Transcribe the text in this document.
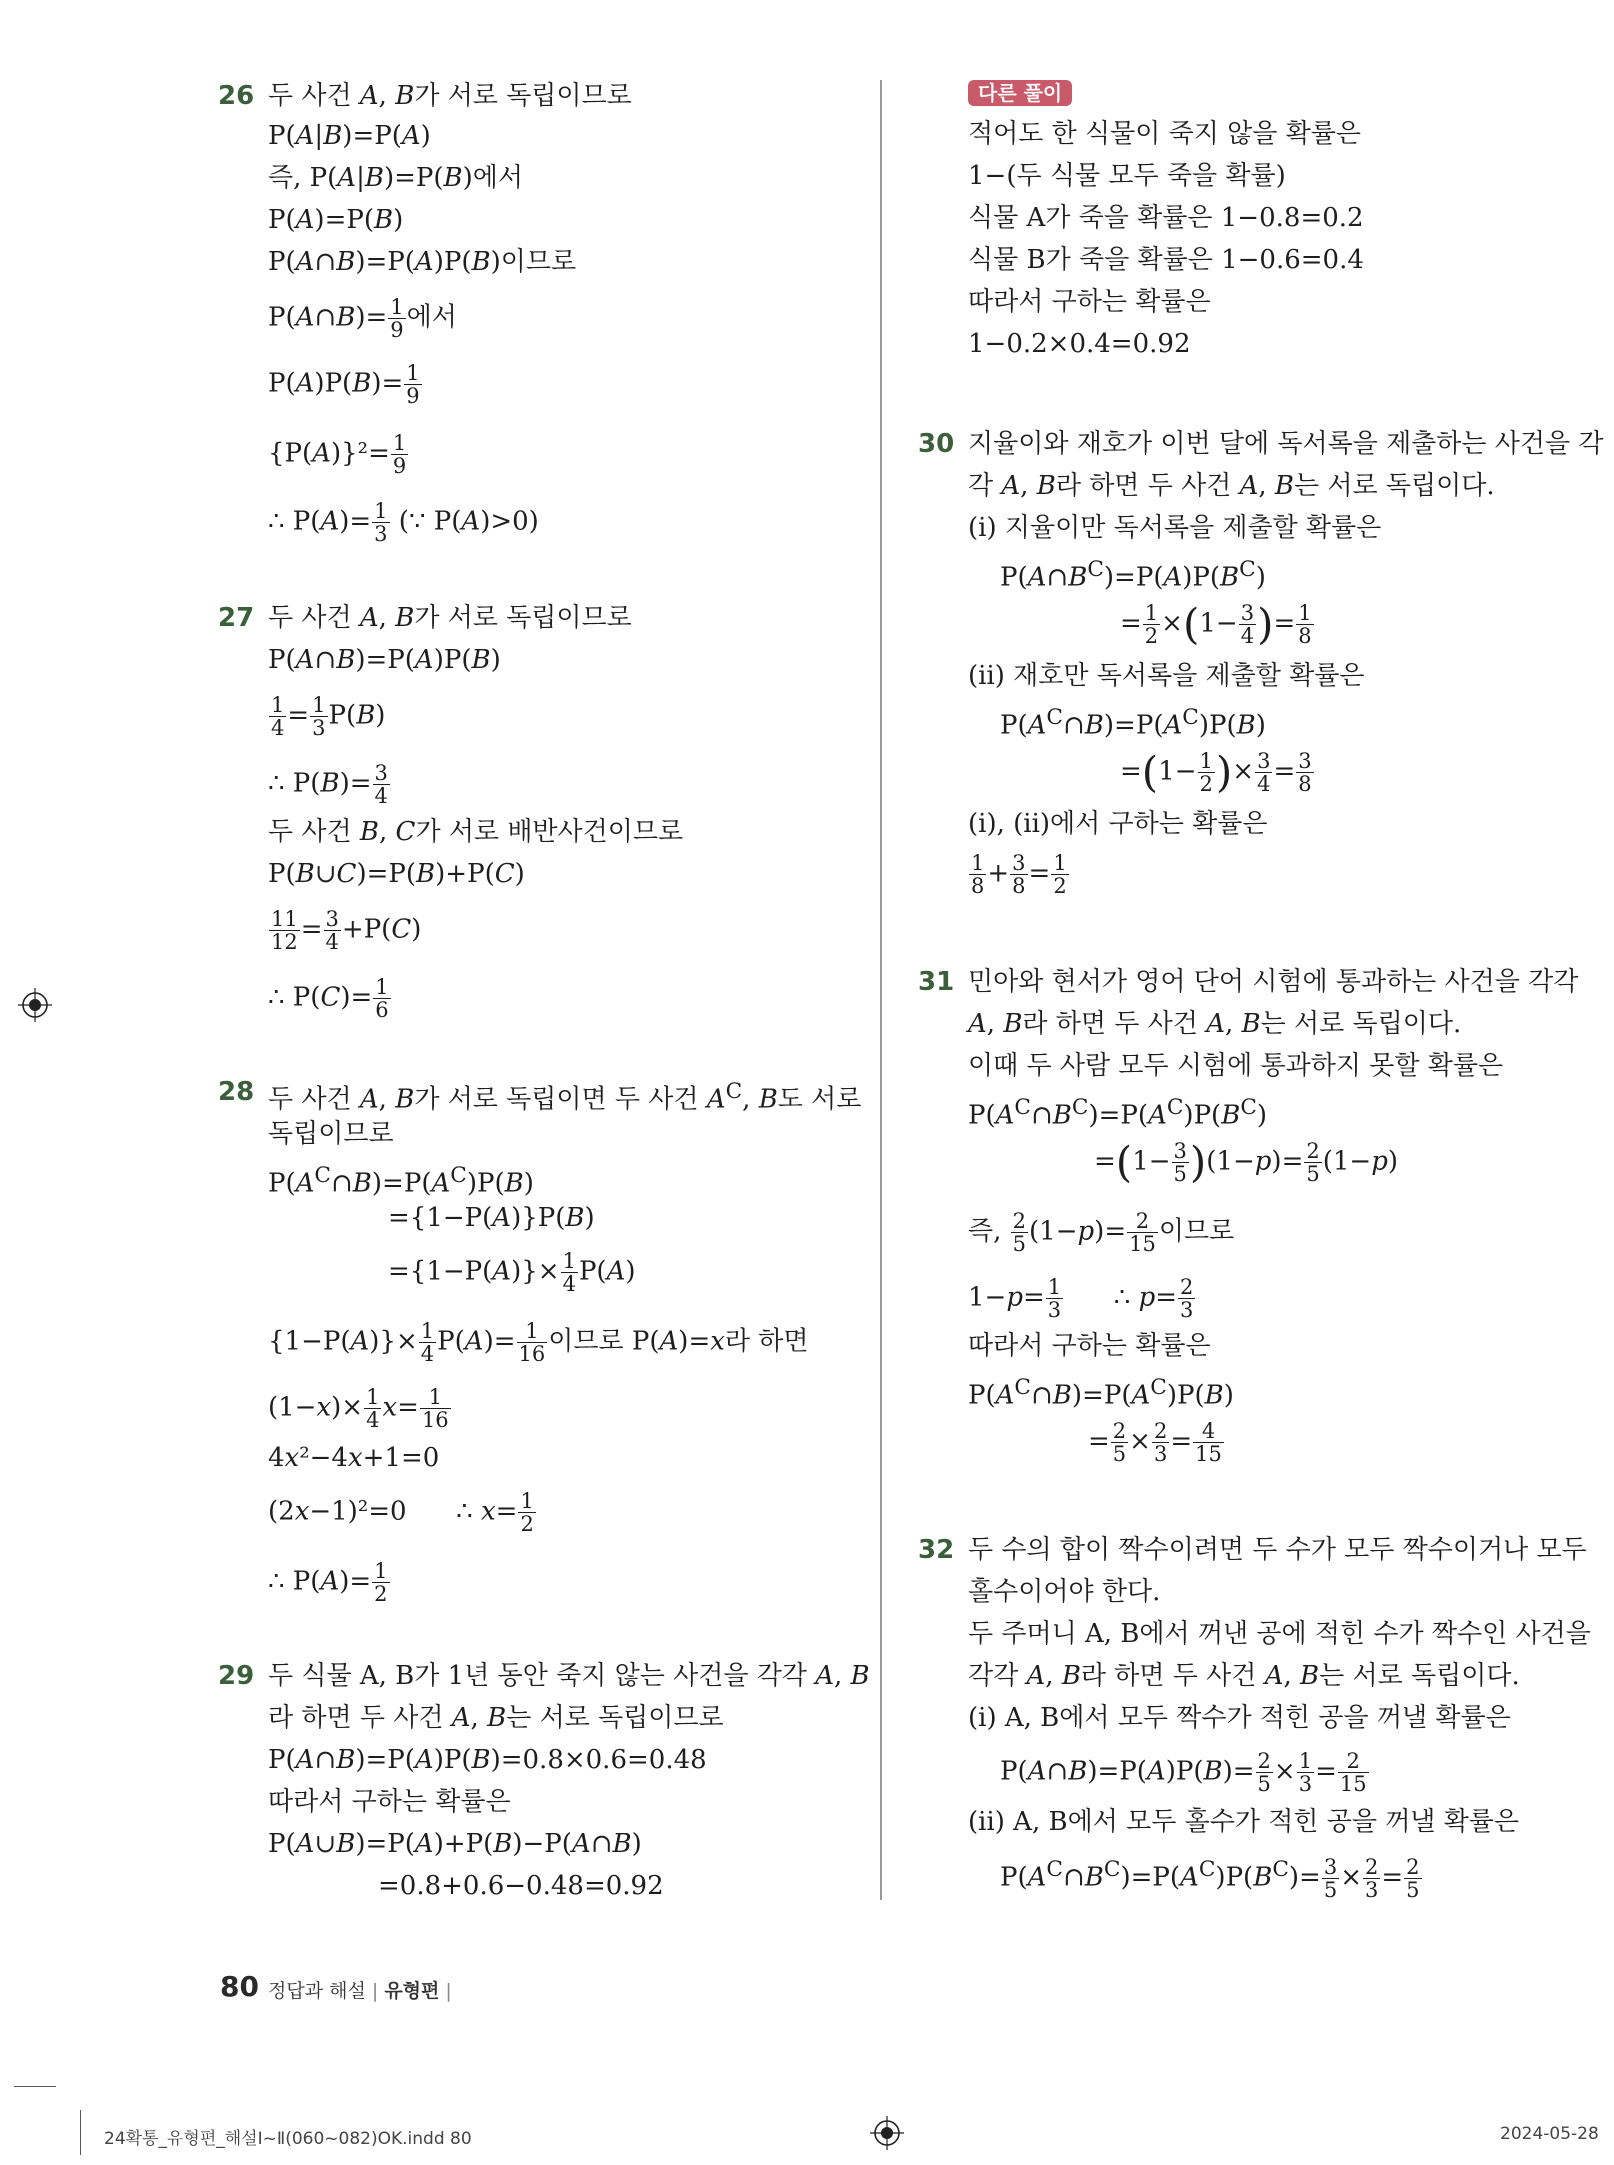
26 두 사건 A, B가 서로 독립이므로
P(A|B)=P(A)
즉, P(A|B)=P(B)에서
P(A)=P(B)
P(A∩B)=P(A)P(B)이므로
P(A∩B)= $\frac{1}{9}$ 에서
$P(A)P(B)= \frac{1}{9}$
$\{P(A)\}^2= \frac{1}{9}$
∴ $P(A)= \frac{1}{3}$ (∵ P(A)>0)
27 두 사건 A, B가 서로 독립이므로
P(A∩B)=P(A)P(B)
$\frac{1}{4} = \frac{1}{3} P(B)$
∴ $P(B)= \frac{3}{4}$
두 사건 B, C가 서로 배반사건이므로
P(B∪C)=P(B)+P(C)
$\frac{11}{12} = \frac{3}{4} +P(C)$
∴ $P(C)= \frac{1}{6}$
28 두 사건 A, B가 서로 독립이면 두 사건 $A^C$, B도 서로
독립이므로
$P(A^C\cap B)=P(A^C)P(B)$
={1−P(A)}P(B)
$=\{1-P(A)\}\times \frac{1}{4} P(A)$
$\{1-P(A)\}\times \frac{1}{4} P(A)= \frac{1}{16}$ 이므로 P(A)=x라 하면
$(1-x)\times \frac{1}{4} x= \frac{1}{16}$
4x²−4x+1=0
(2x−1)²=0      ∴ $x= \frac{1}{2}$
∴ $P(A)= \frac{1}{2}$
29 두 식물 A, B가 1년 동안 죽지 않는 사건을 각각 A, B
라 하면 두 사건 A, B는 서로 독립이므로
P(A∩B)=P(A)P(B)=0.8×0.6=0.48
따라서 구하는 확률은
P(A∪B)=P(A)+P(B)−P(A∩B)
=0.8+0.6−0.48=0.92
다른 풀이
적어도 한 식물이 죽지 않을 확률은
1−(두 식물 모두 죽을 확률)
식물 A가 죽을 확률은 1−0.8=0.2
식물 B가 죽을 확률은 1−0.6=0.4
따라서 구하는 확률은
1−0.2×0.4=0.92
30 지율이와 재호가 이번 달에 독서록을 제출하는 사건을 각
각 A, B라 하면 두 사건 A, B는 서로 독립이다.
(ⅰ) 지율이만 독서록을 제출할 확률은
$P(A\cap B^C)=P(A)P(B^C)$
= $\frac{1}{2} \times(1- \frac{3}{4}$ )= $\frac{1}{8}$
(ⅱ) 재호만 독서록을 제출할 확률은
$P(A^C\cap B)=P(A^C)P(B)$
$=(1- \frac{1}{2}$ )× $\frac{3}{4} = \frac{3}{8}$
(ⅰ), (ⅱ)에서 구하는 확률은
$\frac{1}{8} + \frac{3}{8} = \frac{1}{2}$
31 민아와 현서가 영어 단어 시험에 통과하는 사건을 각각
A, B라 하면 두 사건 A, B는 서로 독립이다.
이때 두 사람 모두 시험에 통과하지 못할 확률은
$P(A^C\cap B^C)=P(A^C)P(B^C)$
$=(1- \frac{3}{5} )(1-p)= \frac{2}{5} (1-p)$
즉, $\frac{2}{5} (1-p)= \frac{2}{15}$ 이므로
$1-p= \frac{1}{3}$ ∴ $p= \frac{2}{3}$
따라서 구하는 확률은
$P(A^C\cap B)=P(A^C)P(B)$
= $\frac{2}{5} \times \frac{2}{3} = \frac{4}{15}$
32 두 수의 합이 짝수이려면 두 수가 모두 짝수이거나 모두
홀수이어야 한다.
두 주머니 A, B에서 꺼낸 공에 적힌 수가 짝수인 사건을
각각 A, B라 하면 두 사건 A, B는 서로 독립이다.
(ⅰ) A, B에서 모두 짝수가 적힌 공을 꺼낼 확률은
P(A∩B)=P(A)P(B)= $\frac{2}{5} \times \frac{1}{3} = \frac{2}{15}$
(ⅱ) A, B에서 모두 홀수가 적힌 공을 꺼낼 확률은
$P(A^C\cap B^C)=P(A^C)P(B^C)= \frac{3}{5} \times \frac{2}{3} = \frac{2}{5}$
80 정답과 해설 | 유형편 |
24확통_유형편_해설Ⅰ~Ⅱ(060~082)OK.indd 80	2024-05-28
